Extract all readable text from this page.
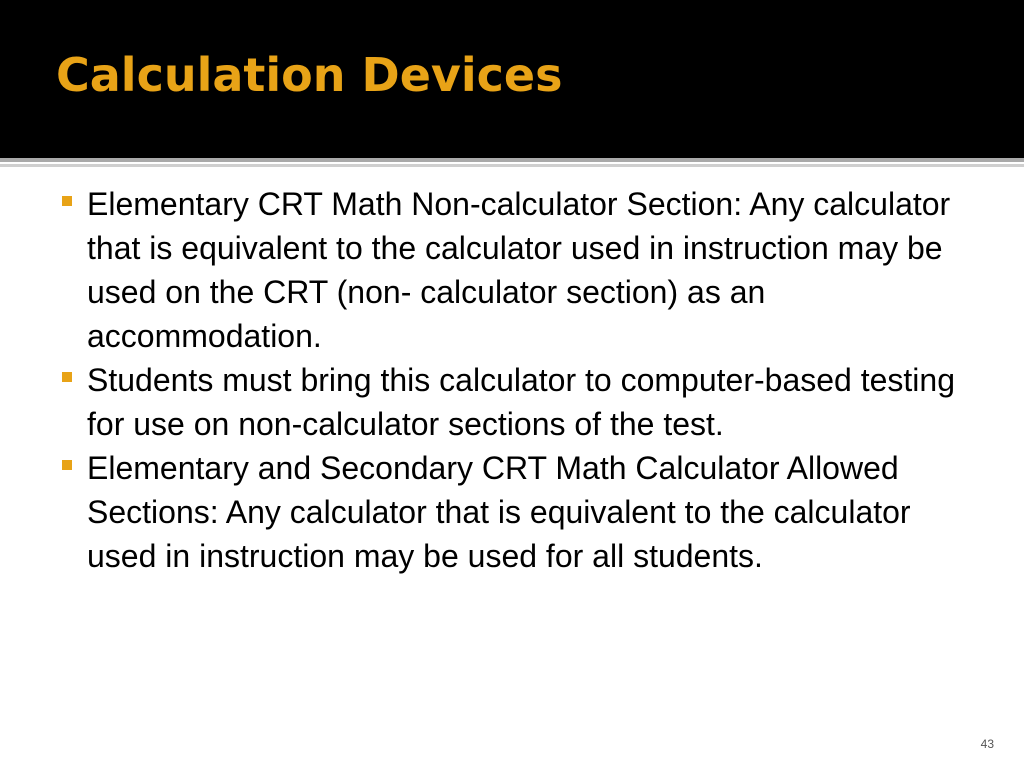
Calculation Devices
Elementary CRT Math Non-calculator Section: Any calculator that is equivalent to the calculator used in instruction may be used on the CRT (non- calculator section) as an accommodation.
Students must bring this calculator to computer-based testing for use on non-calculator sections of the test.
Elementary and Secondary CRT Math Calculator Allowed Sections: Any calculator that is equivalent to the calculator used in instruction may be used for all students.
43
